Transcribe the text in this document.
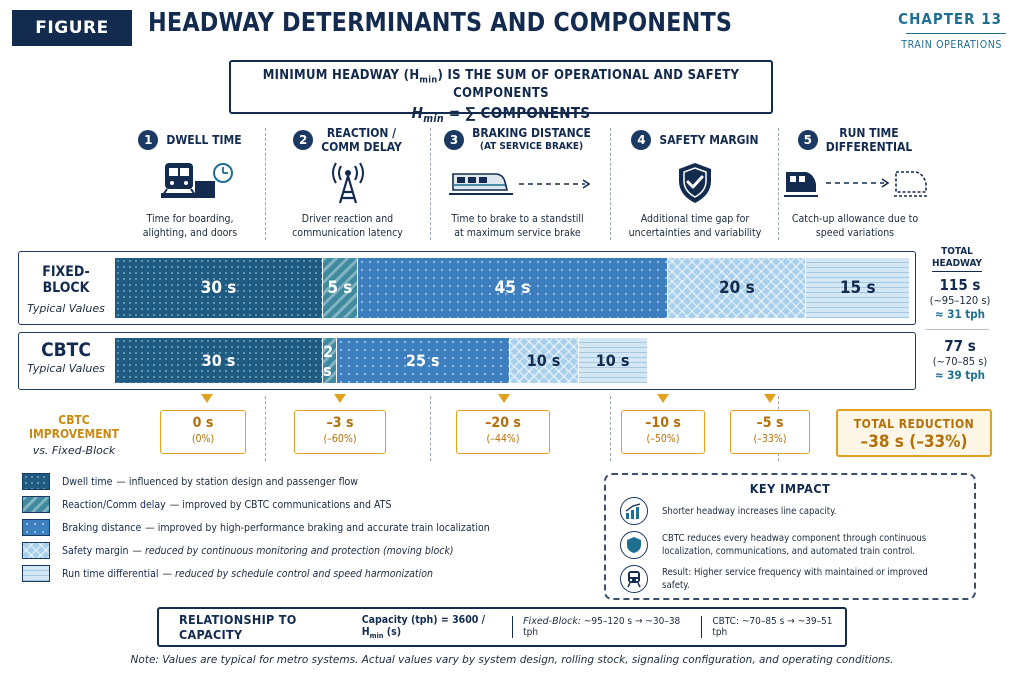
FIGURE 13.1
HEADWAY DETERMINANTS AND COMPONENTS	CHAPTER 13
TRAIN OPERATIONS
MINIMUM HEADWAY $(H_{min})$ IS THE SUM OF OPERATIONAL AND SAFETY COMPONENTS
$H_{min}$ = ∑ COMPONENTS
1	DWELL TIME
Time for boarding,
alighting, and doors
2	REACTION /
COMM DELAY
Driver reaction and
communication latency
3	BRAKING DISTANCE
(AT SERVICE BRAKE)
Time to brake to a standstill
at maximum service brake
4	SAFETY MARGIN
Additional time gap for
uncertainties and variability
5	RUN TIME
DIFFERENTIAL
Catch-up allowance due to
speed variations
FIXED-BLOCK
Typical Values
30 s	5 s	45 s	20 s	15 s
CBTC
Typical Values	30 s	2 s	25 s	10 s 10 s
TOTAL
HEADWAY
115 s
(~95–120 s)
≈ 31 tph
77 s
(~70–85 s)
≈ 39 tph
CBTC IMPROVEMENT
vs. Fixed-Block
0 s
(0%)
–3 s
(–60%)
–20 s
(–44%)
–10 s
(–50%)
–5 s
(–33%)
TOTAL REDUCTION
–38 s (–33%)
Dwell time — influenced by station design and passenger flow
Reaction/Comm delay — improved by CBTC communications and ATS
Braking distance — improved by high-performance braking and accurate train localization
Safety margin — reduced by continuous monitoring and protection (moving block)
Run time differential — reduced by schedule control and speed harmonization
KEY IMPACT
Shorter headway increases line capacity.
CBTC reduces every headway component through continuous localization, communications, and automated train control.
Result: Higher service frequency with maintained or improved safety.
RELATIONSHIP TO CAPACITY
Capacity $(tph) = 3600 / H_{min}$ (s)
Fixed-Block: ~95–120 s → ~30–38 tph
CBTC: ~70–85 s → ~39–51 tph
Note: Values are typical for metro systems. Actual values vary by system design, rolling stock, signaling configuration, and operating conditions.
